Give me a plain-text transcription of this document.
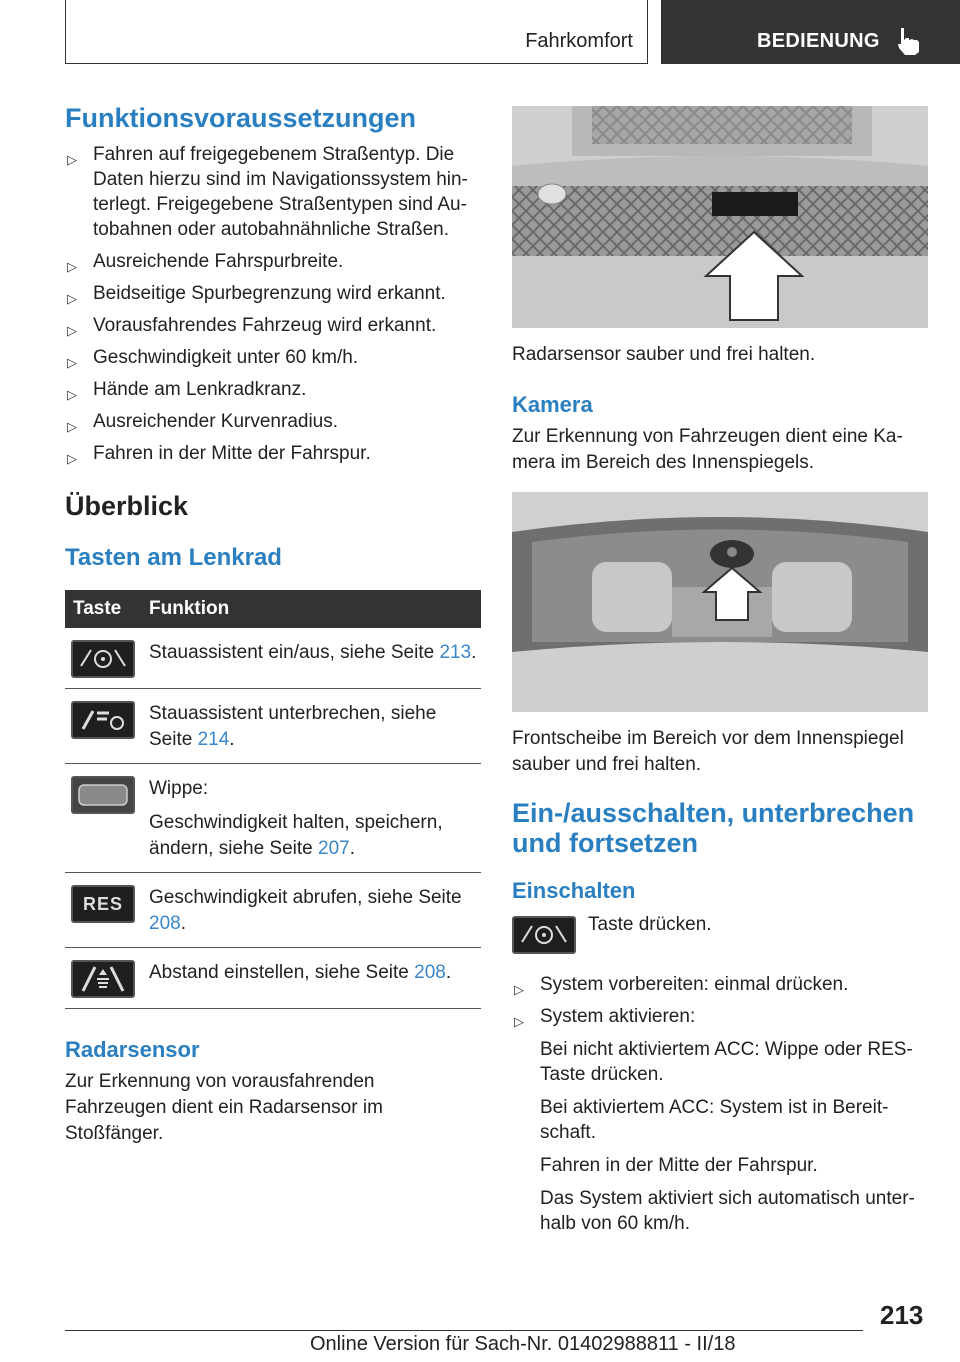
Fahrkomfort	BEDIENUNG
Funktionsvoraussetzungen
▷ Fahren auf freigegebenem Straßentyp. Die Daten hierzu sind im Navigationssystem hin-terlegt. Freigegebene Straßentypen sind Au-tobahnen oder autobahnähnliche Straßen.
▷ Ausreichende Fahrspurbreite.
▷ Beidseitige Spurbegrenzung wird erkannt.
▷ Vorausfahrendes Fahrzeug wird erkannt.
▷ Geschwindigkeit unter 60 km/h.
▷ Hände am Lenkradkranz.
▷ Ausreichender Kurvenradius.
▷ Fahren in der Mitte der Fahrspur.
Überblick
Tasten am Lenkrad
Taste	Funktion

	Stauassistent ein/aus, siehe Seite 213.

	Stauassistent unterbrechen, siehe Seite 214.

Wippe:
Geschwindigkeit halten, speichern, ändern, siehe Seite 207.

RES	Geschwindigkeit abrufen, siehe Seite 208.

	Abstand einstellen, siehe Seite 208.
Radarsensor
Zur Erkennung von vorausfahrenden Fahrzeugen dient ein Radarsensor im Stoßfänger.
Radarsensor sauber und frei halten.
Kamera
Zur Erkennung von Fahrzeugen dient eine Ka-mera im Bereich des Innenspiegels.
Frontscheibe im Bereich vor dem Innenspiegel sauber und frei halten.
Ein-/ausschalten, unterbrechen und fortsetzen
Einschalten
Taste drücken.
▷ System vorbereiten: einmal drücken.
▷ System aktivieren:
Bei nicht aktiviertem ACC: Wippe oder RES-Taste drücken.
Bei aktiviertem ACC: System ist in Bereit-schaft.
Fahren in der Mitte der Fahrspur.
Das System aktiviert sich automatisch unter-halb von 60 km/h.
213
Online Version für Sach-Nr. 01402988811 - II/18
